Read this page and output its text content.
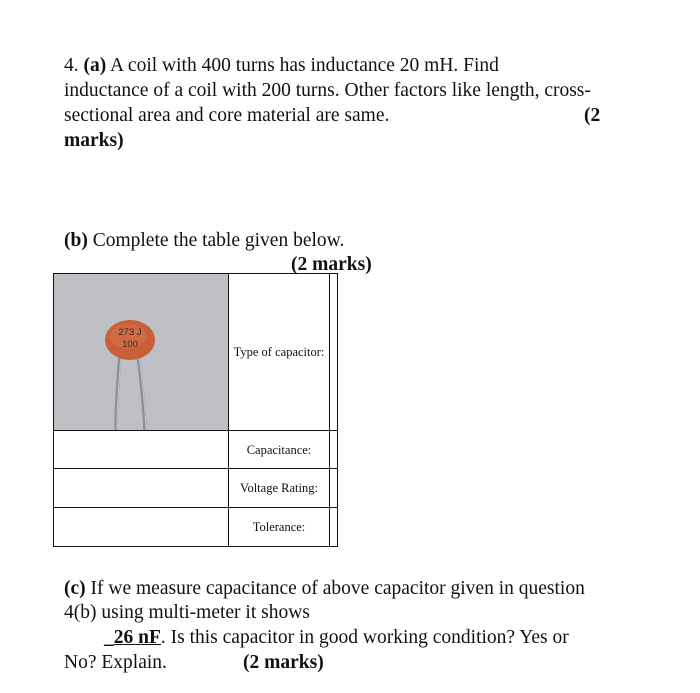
4. (a) A coil with 400 turns has inductance 20 mH. Find
inductance of a coil with 200 turns. Other factors like length, cross-
sectional area and core material are same.	(2
marks)
(b) Complete the table given below.
(2 marks)
273 J
100	Type of capacitor:	
	Capacitance:	
	Voltage Rating:	
	Tolerance:	
(c) If we measure capacitance of above capacitor given in question
4(b) using multi-meter it shows
_26 nF. Is this capacitor in good working condition? Yes or
No? Explain.	(2 marks)
